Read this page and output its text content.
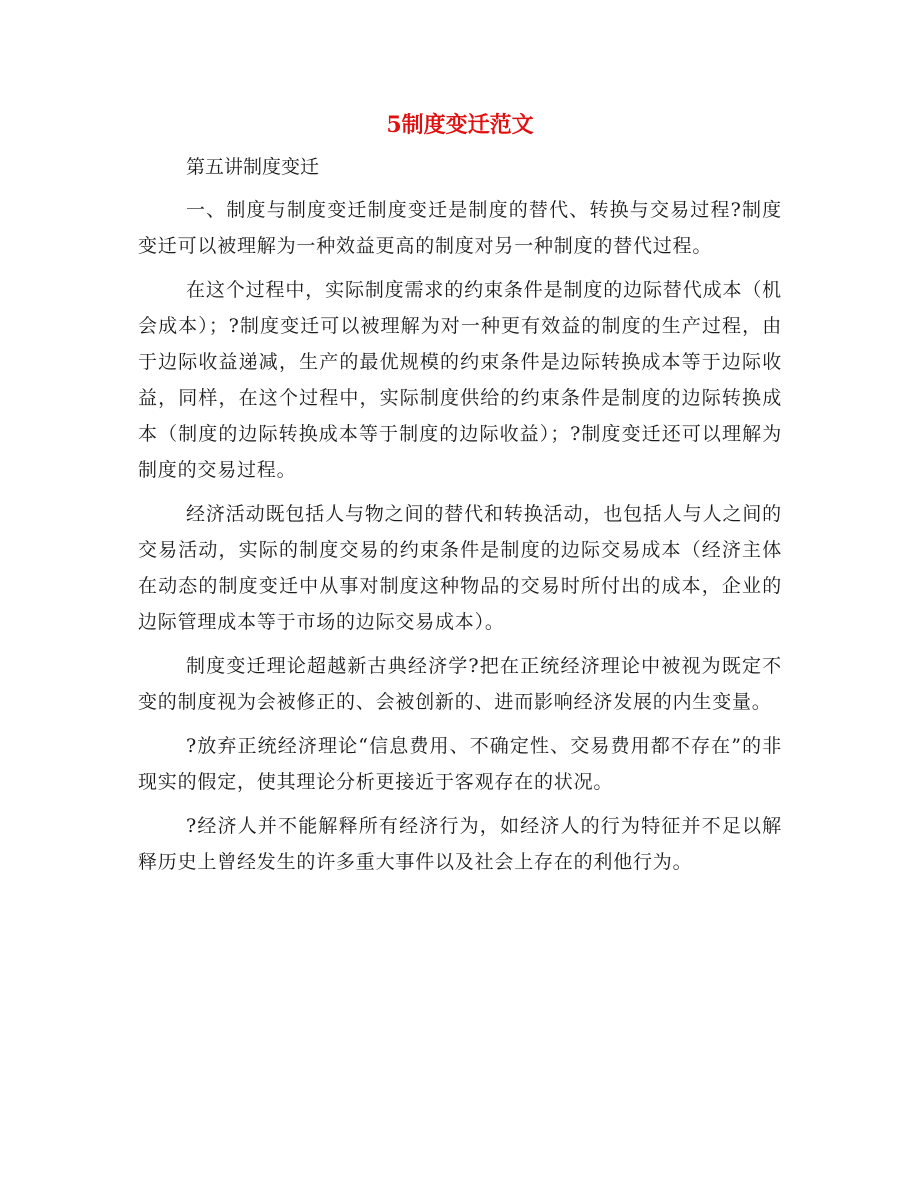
5制度变迁范文

第五讲制度变迁

一、制度与制度变迁制度变迁是制度的替代、转换与交易过程?制度变迁可以被理解为一种效益更高的制度对另一种制度的替代过程。

在这个过程中，实际制度需求的约束条件是制度的边际替代成本（机会成本）；?制度变迁可以被理解为对一种更有效益的制度的生产过程，由于边际收益递减，生产的最优规模的约束条件是边际转换成本等于边际收益，同样，在这个过程中，实际制度供给的约束条件是制度的边际转换成本（制度的边际转换成本等于制度的边际收益）；?制度变迁还可以理解为制度的交易过程。

经济活动既包括人与物之间的替代和转换活动，也包括人与人之间的交易活动，实际的制度交易的约束条件是制度的边际交易成本（经济主体在动态的制度变迁中从事对制度这种物品的交易时所付出的成本，企业的边际管理成本等于市场的边际交易成本）。

制度变迁理论超越新古典经济学?把在正统经济理论中被视为既定不变的制度视为会被修正的、会被创新的、进而影响经济发展的内生变量。

?放弃正统经济理论“信息费用、不确定性、交易费用都不存在”的非现实的假定，使其理论分析更接近于客观存在的状况。

?经济人并不能解释所有经济行为，如经济人的行为特征并不足以解释历史上曾经发生的许多重大事件以及社会上存在的利他行为。
